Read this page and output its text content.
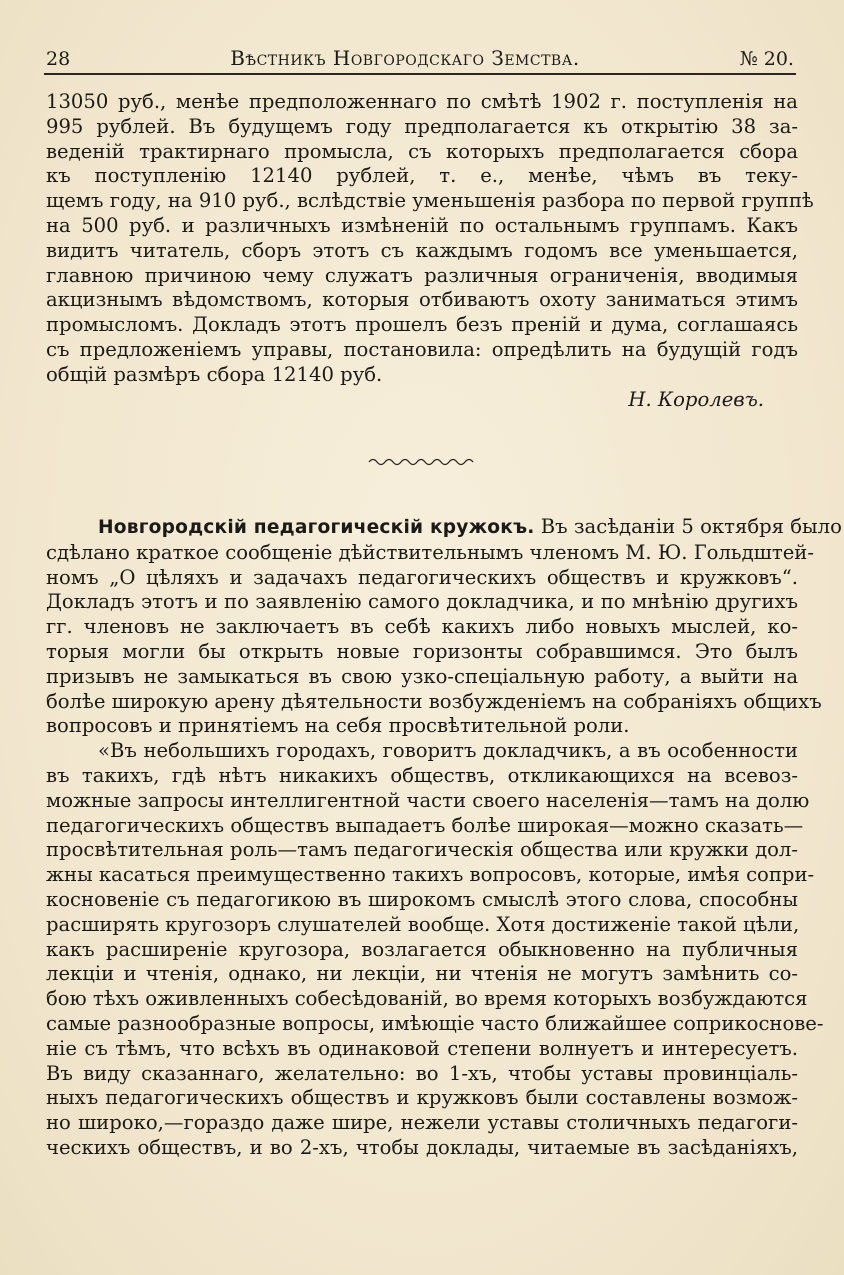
28	Вѣстникъ Новгородскаго Земства.	№ 20.
13050 руб., менѣе предположеннаго по смѣтѣ 1902 г. поступленія на
995 рублей. Въ будущемъ году предполагается къ открытію 38 за-
веденій трактирнаго промысла, съ которыхъ предполагается сбора
къ поступленію 12140 рублей, т. е., менѣе, чѣмъ въ теку-
щемъ году, на 910 руб., вслѣдствіе уменьшенія разбора по первой группѣ
на 500 руб. и различныхъ измѣненій по остальнымъ группамъ. Какъ
видитъ читатель, сборъ этотъ съ каждымъ годомъ все уменьшается,
главною причиною чему служатъ различныя ограниченія, вводимыя
акцизнымъ вѣдомствомъ, которыя отбиваютъ охоту заниматься этимъ
промысломъ. Докладъ этотъ прошелъ безъ преній и дума, соглашаясь
съ предложеніемъ управы, постановила: опредѣлить на будущій годъ
общій размѣръ сбора 12140 руб.
Н. Королевъ.
Новгородскій педагогическій кружокъ. Въ засѣданіи 5 октября было
сдѣлано краткое сообщеніе дѣйствительнымъ членомъ М. Ю. Гольдштей-
номъ „О цѣляхъ и задачахъ педагогическихъ обществъ и кружковъ“.
Докладъ этотъ и по заявленію самого докладчика, и по мнѣнію другихъ
гг. членовъ не заключаетъ въ себѣ какихъ либо новыхъ мыслей, ко-
торыя могли бы открыть новые горизонты собравшимся. Это былъ
призывъ не замыкаться въ свою узко-спеціальную работу, а выйти на
болѣе широкую арену дѣятельности возбужденіемъ на собраніяхъ общихъ
вопросовъ и принятіемъ на себя просвѣтительной роли.
«Въ небольшихъ городахъ, говоритъ докладчикъ, а въ особенности
въ такихъ, гдѣ нѣтъ никакихъ обществъ, откликающихся на всевоз-
можные запросы интеллигентной части своего населенія—тамъ на долю
педагогическихъ обществъ выпадаетъ болѣе широкая—можно сказать—
просвѣтительная роль—тамъ педагогическія общества или кружки дол-
жны касаться преимущественно такихъ вопросовъ, которые, имѣя сопри-
косновеніе съ педагогикою въ широкомъ смыслѣ этого слова, способны
расширять кругозоръ слушателей вообще. Хотя достиженіе такой цѣли,
какъ расширеніе кругозора, возлагается обыкновенно на публичныя
лекціи и чтенія, однако, ни лекціи, ни чтенія не могутъ замѣнить со-
бою тѣхъ оживленныхъ собесѣдованій, во время которыхъ возбуждаются
самые разнообразные вопросы, имѣющіе часто ближайшее соприкоснове-
ніе съ тѣмъ, что всѣхъ въ одинаковой степени волнуетъ и интересуетъ.
Въ виду сказаннаго, желательно: во 1-хъ, чтобы уставы провинціаль-
ныхъ педагогическихъ обществъ и кружковъ были составлены возмож-
но широко,—гораздо даже шире, нежели уставы столичныхъ педагоги-
ческихъ обществъ, и во 2-хъ, чтобы доклады, читаемые въ засѣданіяхъ,
